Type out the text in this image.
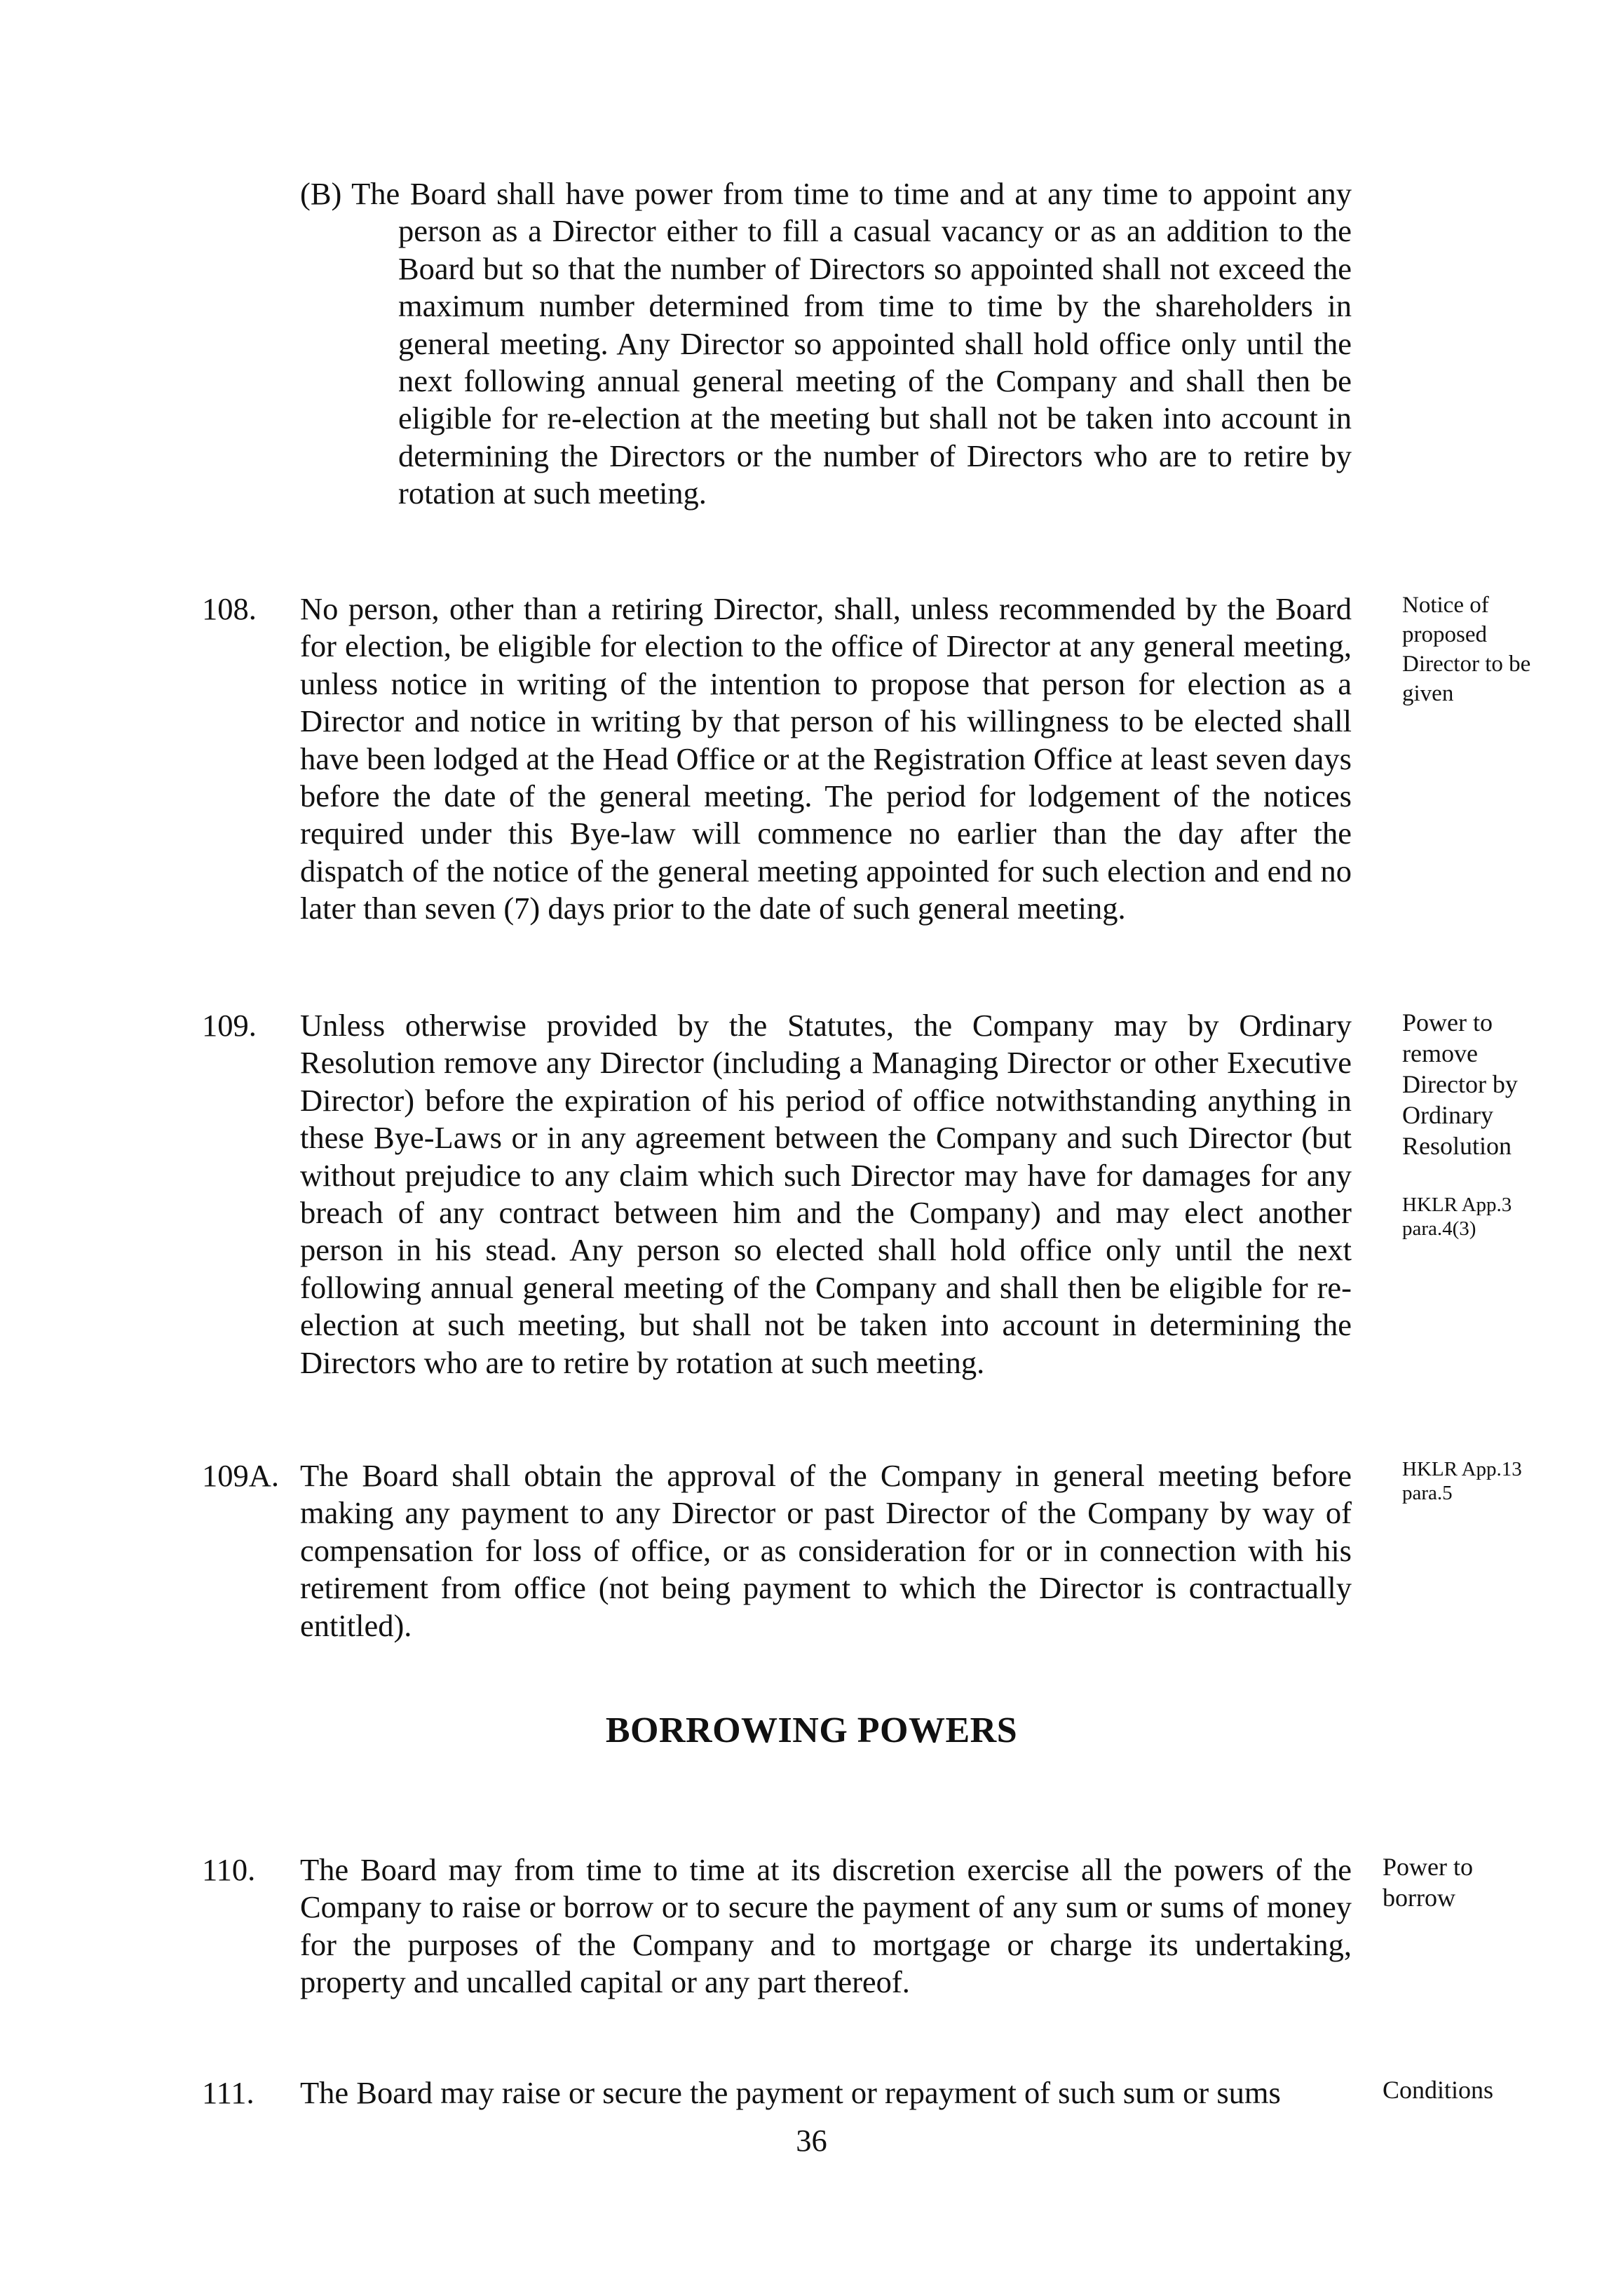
(B) The Board shall have power from time to time and at any time to appoint any person as a Director either to fill a casual vacancy or as an addition to the Board but so that the number of Directors so appointed shall not exceed the maximum number determined from time to time by the shareholders in general meeting. Any Director so appointed shall hold office only until the next following annual general meeting of the Company and shall then be eligible for re-election at the meeting but shall not be taken into account in determining the Directors or the number of Directors who are to retire by rotation at such meeting.
108. No person, other than a retiring Director, shall, unless recommended by the Board for election, be eligible for election to the office of Director at any general meeting, unless notice in writing of the intention to propose that person for election as a Director and notice in writing by that person of his willingness to be elected shall have been lodged at the Head Office or at the Registration Office at least seven days before the date of the general meeting. The period for lodgement of the notices required under this Bye-law will commence no earlier than the day after the dispatch of the notice of the general meeting appointed for such election and end no later than seven (7) days prior to the date of such general meeting.
Notice of proposed Director to be given
109. Unless otherwise provided by the Statutes, the Company may by Ordinary Resolution remove any Director (including a Managing Director or other Executive Director) before the expiration of his period of office notwithstanding anything in these Bye-Laws or in any agreement between the Company and such Director (but without prejudice to any claim which such Director may have for damages for any breach of any contract between him and the Company) and may elect another person in his stead. Any person so elected shall hold office only until the next following annual general meeting of the Company and shall then be eligible for re-election at such meeting, but shall not be taken into account in determining the Directors who are to retire by rotation at such meeting.
Power to remove Director by Ordinary Resolution
HKLR App.3 para.4(3)
109A. The Board shall obtain the approval of the Company in general meeting before making any payment to any Director or past Director of the Company by way of compensation for loss of office, or as consideration for or in connection with his retirement from office (not being payment to which the Director is contractually entitled).
HKLR App.13 para.5
BORROWING POWERS
110. The Board may from time to time at its discretion exercise all the powers of the Company to raise or borrow or to secure the payment of any sum or sums of money for the purposes of the Company and to mortgage or charge its undertaking, property and uncalled capital or any part thereof.
Power to borrow
111. The Board may raise or secure the payment or repayment of such sum or sums	Conditions
36
